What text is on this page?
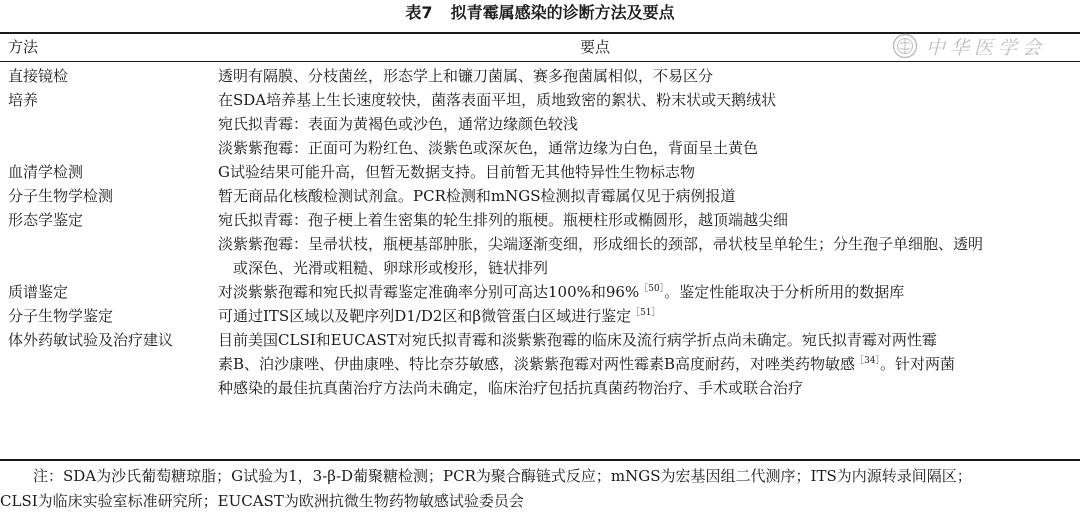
表7 拟青霉属感染的诊断方法及要点
方法	要点	中华医学会
直接镜检	透明有隔膜、分枝菌丝，形态学上和镰刀菌属、赛多孢菌属相似，不易区分
培养	在SDA培养基上生长速度较快，菌落表面平坦，质地致密的絮状、粉末状或天鹅绒状
宛氏拟青霉：表面为黄褐色或沙色，通常边缘颜色较浅
淡紫紫孢霉：正面可为粉红色、淡紫色或深灰色，通常边缘为白色，背面呈土黄色
血清学检测	G试验结果可能升高，但暂无数据支持。目前暂无其他特异性生物标志物
分子生物学检测	暂无商品化核酸检测试剂盒。PCR检测和mNGS检测拟青霉属仅见于病例报道
形态学鉴定	宛氏拟青霉：孢子梗上着生密集的轮生排列的瓶梗。瓶梗柱形或椭圆形，越顶端越尖细
淡紫紫孢霉：呈帚状枝，瓶梗基部肿胀，尖端逐渐变细，形成细长的颈部，帚状枝呈单轮生；分生孢子单细胞、透明
或深色、光滑或粗糙、卵球形或梭形，链状排列
质谱鉴定	对淡紫紫孢霉和宛氏拟青霉鉴定准确率分别可高达100%和96%$^{[50]}$。鉴定性能取决于分析所用的数据库
分子生物学鉴定	可通过ITS区域以及靶序列D1/D2区和β微管蛋白区域进行鉴定$^{[51]}$
体外药敏试验及治疗建议	目前美国CLSI和EUCAST对宛氏拟青霉和淡紫紫孢霉的临床及流行病学折点尚未确定。宛氏拟青霉对两性霉
素B、泊沙康唑、伊曲康唑、特比奈芬敏感，淡紫紫孢霉对两性霉素B高度耐药，对唑类药物敏感$^{[34]}$。针对两菌
种感染的最佳抗真菌治疗方法尚未确定，临床治疗包括抗真菌药物治疗、手术或联合治疗
注：SDA为沙氏葡萄糖琼脂；G试验为1，3-β-D葡聚糖检测；PCR为聚合酶链式反应；mNGS为宏基因组二代测序；ITS为内源转录间隔区；
CLSI为临床实验室标准研究所；EUCAST为欧洲抗微生物药物敏感试验委员会
